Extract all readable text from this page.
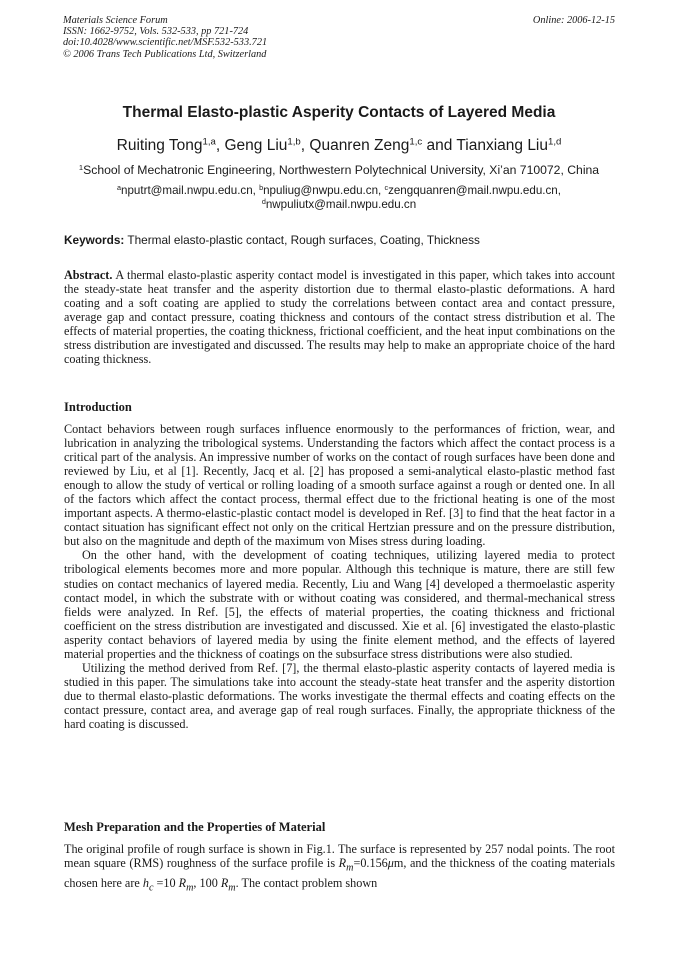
Materials Science Forum
ISSN: 1662-9752, Vols. 532-533, pp 721-724
doi:10.4028/www.scientific.net/MSF.532-533.721
© 2006 Trans Tech Publications Ltd, Switzerland
Online: 2006-12-15
Thermal Elasto-plastic Asperity Contacts of Layered Media
Ruiting Tong$^{1,a}$, Geng Liu$^{1,b}$, Quanren Zeng$^{1,c}$ and Tianxiang Liu$^{1,d}$
$^1$School of Mechatronic Engineering, Northwestern Polytechnical University, Xi’an 710072, China
$^a$nputrt@mail.nwpu.edu.cn, $^b$npuliug@nwpu.edu.cn, $^c$zengquanren@mail.nwpu.edu.cn,
$^d$nwpuliutx@mail.nwpu.edu.cn
Keywords: Thermal elasto-plastic contact, Rough surfaces, Coating, Thickness

Abstract. A thermal elasto-plastic asperity contact model is investigated in this paper, which takes into account the steady-state heat transfer and the asperity distortion due to thermal elasto-plastic deformations. A hard coating and a soft coating are applied to study the correlations between contact area and contact pressure, average gap and contact pressure, coating thickness and contours of the contact stress distribution et al. The effects of material properties, the coating thickness, frictional coefficient, and the heat input combinations on the stress distribution are investigated and discussed. The results may help to make an appropriate choice of the hard coating thickness.

Introduction

Contact behaviors between rough surfaces influence enormously to the performances of friction, wear, and lubrication in analyzing the tribological systems. Understanding the factors which affect the contact process is a critical part of the analysis. An impressive number of works on the contact of rough surfaces have been done and reviewed by Liu, et al [1]. Recently, Jacq et al. [2] has proposed a semi-analytical elasto-plastic method fast enough to allow the study of vertical or rolling loading of a smooth surface against a rough or dented one. In all of the factors which affect the contact process, thermal effect due to the frictional heating is one of the most important aspects. A thermo-elastic-plastic contact model is developed in Ref. [3] to find that the heat factor in a contact situation has significant effect not only on the critical Hertzian pressure and on the pressure distribution, but also on the magnitude and depth of the maximum von Mises stress during loading.

On the other hand, with the development of coating techniques, utilizing layered media to protect tribological elements becomes more and more popular. Although this technique is mature, there are still few studies on contact mechanics of layered media. Recently, Liu and Wang [4] developed a thermoelastic asperity contact model, in which the substrate with or without coating was considered, and thermal-mechanical stress fields were analyzed. In Ref. [5], the effects of material properties, the coating thickness and frictional coefficient on the stress distribution are investigated and discussed. Xie et al. [6] investigated the elasto-plastic asperity contact behaviors of layered media by using the finite element method, and the effects of layered material properties and the thickness of coatings on the subsurface stress distributions were also studied.

Utilizing the method derived from Ref. [7], the thermal elasto-plastic asperity contacts of layered media is studied in this paper. The simulations take into account the steady-state heat transfer and the asperity distortion due to thermal elasto-plastic deformations. The works investigate the thermal effects and coating effects on the contact pressure, contact area, and average gap of real rough surfaces. Finally, the appropriate thickness of the hard coating is discussed.

Mesh Preparation and the Properties of Material

The original profile of rough surface is shown in Fig.1. The surface is represented by 257 nodal points. The root mean square (RMS) roughness of the surface profile is $R_m=0.156\mu m$, and the thickness of the coating materials chosen here are $h_c =10$ $R_m$, 100 $R_m$. The contact problem shown
